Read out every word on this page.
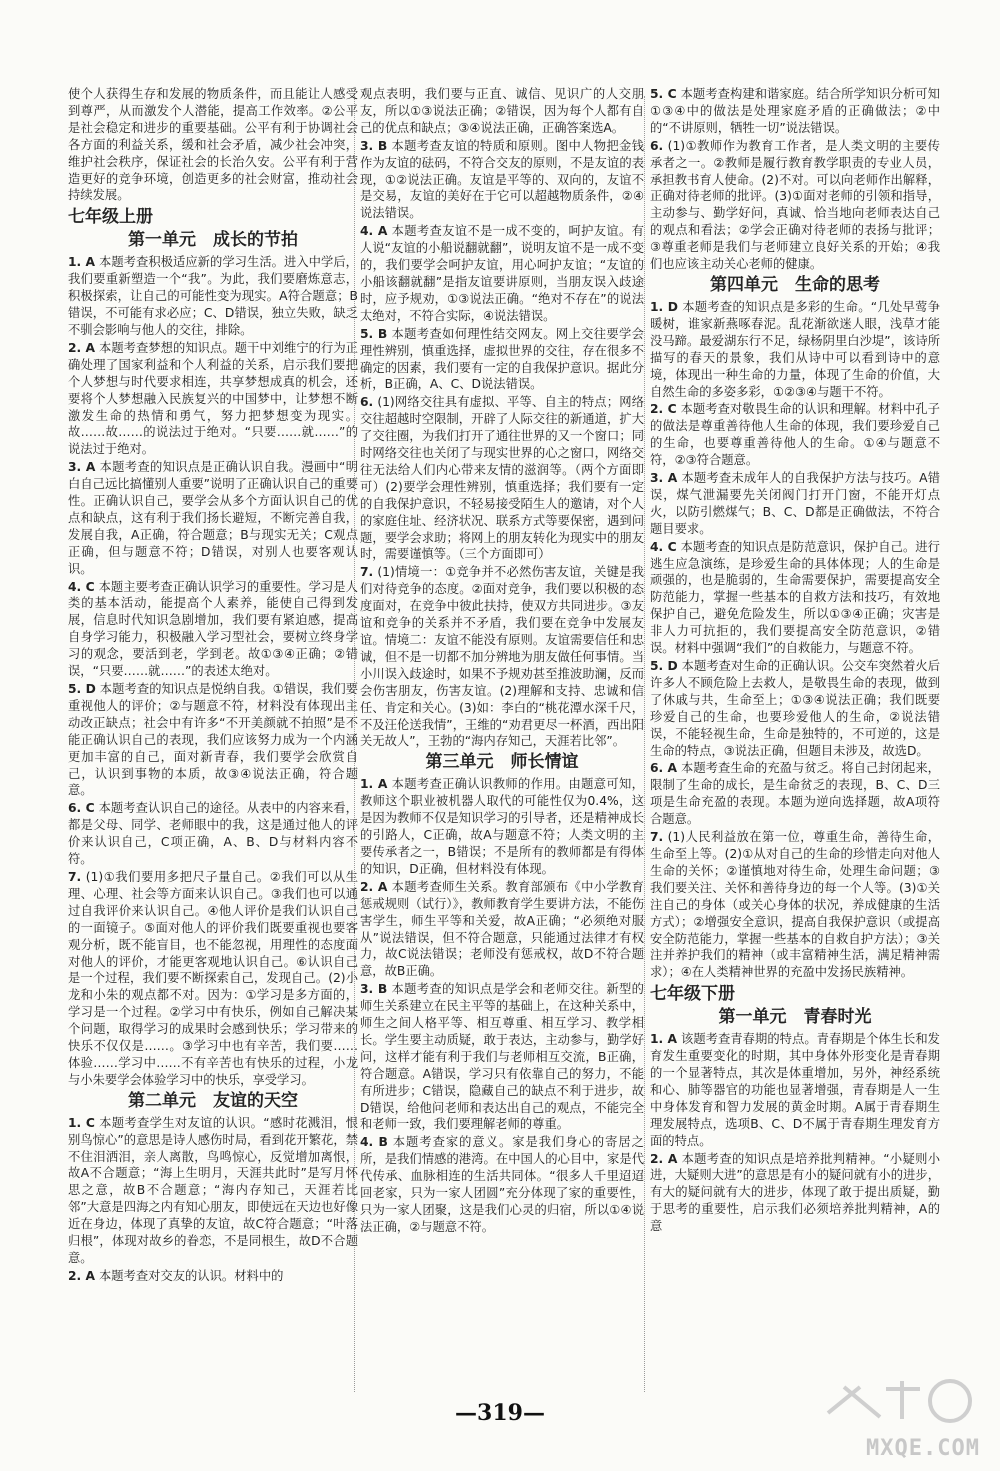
使个人获得生存和发展的物质条件，而且能让人感受到尊严，从而激发个人潜能，提高工作效率。②公平是社会稳定和进步的重要基础。公平有利于协调社会各方面的利益关系，缓和社会矛盾，减少社会冲突，维护社会秩序，保证社会的长治久安。公平有利于营造更好的竞争环境，创造更多的社会财富，推动社会持续发展。

七年级上册
第一单元　成长的节拍

1. A 本题考查积极适应新的学习生活。进入中学后，我们要重新塑造一个“我”。为此，我们要磨炼意志，积极探索，让自己的可能性变为现实。A符合题意；B错误，不可能有求必应；C、D错误，独立失败，缺乏不驯会影响与他人的交往，排除。

2. A 本题考查梦想的知识点。题干中刘维宁的行为正确处理了国家利益和个人利益的关系，启示我们要把个人梦想与时代要求相连，共享梦想成真的机会，还要将个人梦想融入民族复兴的中国梦中，让梦想不断激发生命的热情和勇气，努力把梦想变为现实。故……故……的说法过于绝对。“只要……就……”的说法过于绝对。

3. A 本题考查的知识点是正确认识自我。漫画中“明白自己远比搞懂别人重要”说明了正确认识自己的重要性。正确认识自己，要学会从多个方面认识自己的优点和缺点，这有利于我们扬长避短，不断完善自我，发展自我，A正确，符合题意；B与现实无关；C观点正确，但与题意不符；D错误，对别人也要客观认识。

4. C 本题主要考查正确认识学习的重要性。学习是人类的基本活动，能提高个人素养，能使自己得到发展，信息时代知识急剧增加，我们要有紧迫感，提高自身学习能力，积极融入学习型社会，要树立终身学习的观念，要活到老，学到老。故①③④正确；②错误，“只要……就……”的表述太绝对。

5. D 本题考查的知识点是悦纳自我。①错误，我们要重视他人的评价；②与题意不符，材料没有体现出主动改正缺点；社会中有许多“不开美颜就不拍照”是不能正确认识自己的表现，我们应该努力成为一个内涵更加丰富的自己，面对新青春，我们要学会欣赏自己，认识到事物的本质，故③④说法正确，符合题意。

6. C 本题考查认识自己的途径。从表中的内容来看，都是父母、同学、老师眼中的我，这是通过他人的评价来认识自己，C项正确，A、B、D与材料内容不符。

7. (1)①我们要用多把尺子量自己。②我们可以从生理、心理、社会等方面来认识自己。③我们也可以通过自我评价来认识自己。④他人评价是我们认识自己的一面镜子。⑤面对他人的评价我们既要重视也要客观分析，既不能盲目，也不能忽视，用理性的态度面对他人的评价，才能更客观地认识自己。⑥认识自己是一个过程，我们要不断探索自己，发现自己。(2)小龙和小朱的观点都不对。因为：①学习是多方面的，学习是一个过程。②学习中有快乐，例如自己解决某个问题，取得学习的成果时会感到快乐；学习带来的快乐不仅仅是……。③学习中也有辛苦，我们要……体验……学习中……不有辛苦也有快乐的过程，小龙与小朱要学会体验学习中的快乐，享受学习。

第二单元　友谊的天空

1. C 本题考查学生对友谊的认识。“感时花溅泪，恨别鸟惊心”的意思是诗人感伤时局，看到花开繁花，禁不住泪洒泪，亲人离散，鸟鸣惊心，反觉增加离恨，故A不合题意；“海上生明月，天涯共此时”是写月怀思之意，故B不合题意；“海内存知己，天涯若比邻”大意是四海之内有知心朋友，即使远在天边也好像近在身边，体现了真挚的友谊，故C符合题意；“叶落归根”，体现对故乡的眷恋，不是同根生，故D不合题意。

2. A 本题考查对交友的认识。材料中的

观点表明，我们要与正直、诚信、见识广的人交朋友，所以①③说法正确；②错误，因为每个人都有自己的优点和缺点；③④说法正确，正确答案选A。

3. B 本题考查友谊的特质和原则。图中人物把金钱作为友谊的砝码，不符合交友的原则，不是友谊的表现，①②说法正确。友谊是平等的、双向的，友谊不是交易，友谊的美好在于它可以超越物质条件，②④说法错误。

4. A 本题考查友谊不是一成不变的，呵护友谊。有人说“友谊的小船说翻就翻”，说明友谊不是一成不变的，我们要学会呵护友谊，用心呵护友谊；“友谊的小船该翻就翻”是指友谊要讲原则，当朋友误入歧途时，应予规劝，①③说法正确。“绝对不存在”的说法太绝对，不符合实际，④说法错误。

5. B 本题考查如何理性结交网友。网上交往要学会理性辨别，慎重选择，虚拟世界的交往，存在很多不确定的因素，我们要有一定的自我保护意识。据此分析，B正确，A、C、D说法错误。

6. (1)网络交往具有虚拟、平等、自主的特点；网络交往超越时空限制，开辟了人际交往的新通道，扩大了交往圈，为我们打开了通往世界的又一个窗口；同时网络交往也关闭了与现实世界的心之窗口，网络交往无法给人们内心带来友情的滋润等。（两个方面即可）(2)要学会理性辨别，慎重选择；我们要有一定的自我保护意识，不轻易接受陌生人的邀请，对个人的家庭住址、经济状况、联系方式等要保密，遇到问题，要学会求助；将网上的朋友转化为现实中的朋友时，需要谨慎等。（三个方面即可）

7. (1)情境一：①竞争并不必然伤害友谊，关键是我们对待竞争的态度。②面对竞争，我们要以积极的态度面对，在竞争中彼此扶持，使双方共同进步。③友谊和竞争的关系并不矛盾，我们要在竞争中发展友谊。情境二：友谊不能没有原则。友谊需要信任和忠诚，但不是一切都不加分辨地为朋友做任何事情。当小川误入歧途时，如果不予规劝甚至推波助澜，反而会伤害朋友，伤害友谊。(2)理解和支持、忠诚和信任、肯定和关心。(3)如：李白的“桃花潭水深千尺，不及汪伦送我情”，王维的“劝君更尽一杯酒，西出阳关无故人”，王勃的“海内存知己，天涯若比邻”。

第三单元　师长情谊

1. A 本题考查正确认识教师的作用。由题意可知，教师这个职业被机器人取代的可能性仅为0.4%，这是因为教师不仅是知识学习的引导者，还是精神成长的引路人，C正确，故A与题意不符；人类文明的主要传承者之一，B错误；不是所有的教师都是有得体的知识，D正确，但材料没有体现。

2. A 本题考查师生关系。教育部颁布《中小学教育惩戒规则（试行）》，教师教育学生要讲方法，不能伤害学生，师生平等和关爱，故A正确；“必须绝对服从”说法错误，但不符合题意，只能通过法律才有权力，故C说法错误；老师没有惩戒权，故D不符合题意，故B正确。

3. B 本题考查的知识点是学会和老师交往。新型的师生关系建立在民主平等的基础上，在这种关系中，师生之间人格平等、相互尊重、相互学习、教学相长。学生要主动质疑，敢于表达，主动参与，勤学好问，这样才能有利于我们与老师相互交流，B正确，符合题意。A错误，学习只有依靠自己的努力，不能有所进步；C错误，隐藏自己的缺点不利于进步，故D错误，给他问老师和表达出自己的观点，不能完全和老师一致，我们要理解老师的尊重。

4. B 本题考查家的意义。家是我们身心的寄居之所，是我们情感的港湾。在中国人的心目中，家是代代传承、血脉相连的生活共同体。“很多人千里迢迢回老家，只为一家人团圆”充分体现了家的重要性，只为一家人团聚，这是我们心灵的归宿，所以①④说法正确，②与题意不符。

5. C 本题考查构建和谐家庭。结合所学知识分析可知①③④中的做法是处理家庭矛盾的正确做法；②中的“不讲原则，牺牲一切”说法错误。

6. (1)①教师作为教育工作者，是人类文明的主要传承者之一。②教师是履行教育教学职责的专业人员，承担教书育人使命。(2)不对。可以向老师作出解释，正确对待老师的批评。(3)①面对老师的引领和指导，主动参与、勤学好问，真诚、恰当地向老师表达自己的观点和看法；②学会正确对待老师的表扬与批评；③尊重老师是我们与老师建立良好关系的开始；④我们也应该主动关心老师的健康。

第四单元　生命的思考

1. D 本题考查的知识点是多彩的生命。“几处早莺争暖树，谁家新燕啄春泥。乱花渐欲迷人眼，浅草才能没马蹄。最爱湖东行不足，绿杨阴里白沙堤”，该诗所描写的春天的景象，我们从诗中可以看到诗中的意境，体现出一种生命的力量，体现了生命的价值，大自然生命的多姿多彩，①②③④与题干不符。

2. C 本题考查对敬畏生命的认识和理解。材料中孔子的做法是尊重善待他人生命的体现，我们要珍爱自己的生命，也要尊重善待他人的生命。①④与题意不符，②③符合题意。

3. A 本题考查未成年人的自我保护方法与技巧。A错误，煤气泄漏要先关闭阀门打开门窗，不能开灯点火，以防引燃煤气；B、C、D都是正确做法，不符合题目要求。

4. C 本题考查的知识点是防范意识，保护自己。进行逃生应急演练，是珍爱生命的具体体现；人的生命是顽强的，也是脆弱的，生命需要保护，需要提高安全防范能力，掌握一些基本的自救方法和技巧，有效地保护自己，避免危险发生，所以①③④正确；灾害是非人力可抗拒的，我们要提高安全防范意识，②错误。材料中强调“我们”的自救能力，与题意不符。

5. D 本题考查对生命的正确认识。公交车突然着火后许多人不顾危险上去救人，是敬畏生命的表现，做到了休戚与共，生命至上；①③④说法正确；我们既要珍爱自己的生命，也要珍爱他人的生命，②说法错误，不能轻视生命，生命是独特的，不可逆的，这是生命的特点，③说法正确，但题目未涉及，故选D。

6. A 本题考查生命的充盈与贫乏。将自己封闭起来，限制了生命的成长，是生命贫乏的表现，B、C、D三项是生命充盈的表现。本题为逆向选择题，故A项符合题意。

7. (1)人民利益放在第一位，尊重生命，善待生命，生命至上等。(2)①从对自己的生命的珍惜走向对他人生命的关怀；②谨慎地对待生命，处理生命问题；③我们要关注、关怀和善待身边的每一个人等。(3)①关注自己的身体（或关心身体的状况，养成健康的生活方式）；②增强安全意识，提高自我保护意识（或提高安全防范能力，掌握一些基本的自救自护方法）；③关注并养护我们的精神（或丰富精神生活，满足精神需求）；④在人类精神世界的充盈中发扬民族精神。

七年级下册
第一单元　青春时光

1. A 该题考查青春期的特点。青春期是个体生长和发育发生重要变化的时期，其中身体外形变化是青春期的一个显著特点，其次是体重增加，另外，神经系统和心、肺等器官的功能也显著增强，青春期是人一生中身体发育和智力发展的黄金时期。A属于青春期生理发展特点，选项B、C、D不属于青春期生理发育方面的特点。

2. A 本题考查的知识点是培养批判精神。“小疑则小进，大疑则大进”的意思是有小的疑问就有小的进步，有大的疑问就有大的进步，体现了敢于提出质疑，勤于思考的重要性，启示我们必须培养批判精神，A的意

—319—
MXQE.COM
